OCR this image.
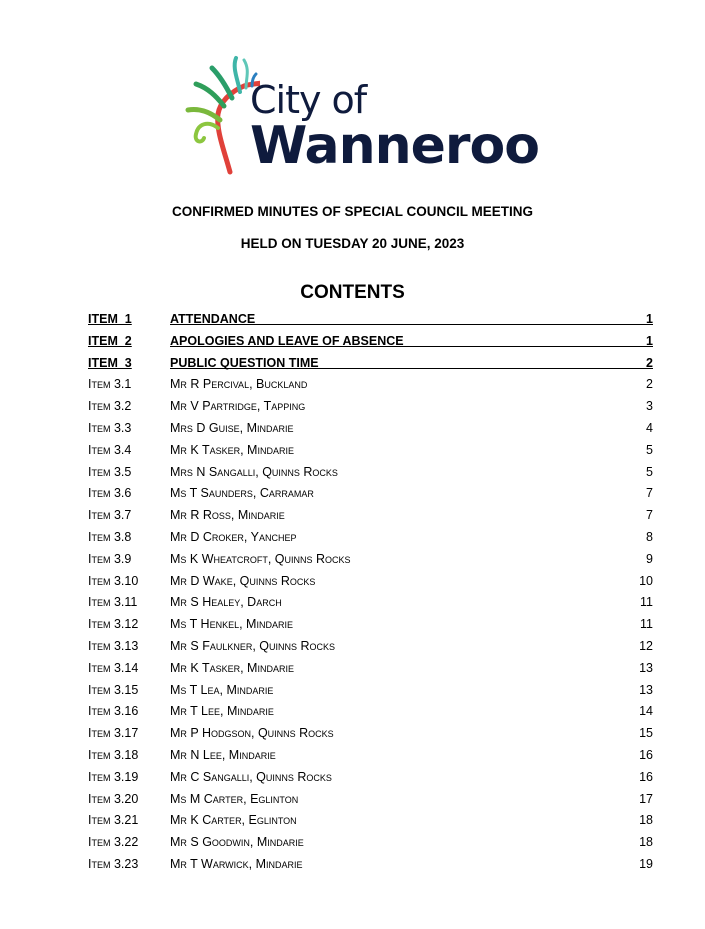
City of
Wanneroo
CONFIRMED MINUTES OF SPECIAL COUNCIL MEETING
HELD ON TUESDAY 20 JUNE, 2023
CONTENTS
ITEM  1	ATTENDANCE	1
ITEM  2	APOLOGIES AND LEAVE OF ABSENCE	1
ITEM  3	PUBLIC QUESTION TIME	2
Item 3.1	Mr R Percival, Buckland	2
Item 3.2	Mr V Partridge, Tapping	3
Item 3.3	Mrs D Guise, Mindarie	4
Item 3.4	Mr K Tasker, Mindarie	5
Item 3.5	Mrs N Sangalli, Quinns Rocks	5
Item 3.6	Ms T Saunders, Carramar	7
Item 3.7	Mr R Ross, Mindarie	7
Item 3.8	Mr D Croker, Yanchep	8
Item 3.9	Ms K Wheatcroft, Quinns Rocks	9
Item 3.10	Mr D Wake, Quinns Rocks	10
Item 3.11	Mr S Healey, Darch	11
Item 3.12	Ms T Henkel, Mindarie	11
Item 3.13	Mr S Faulkner, Quinns Rocks	12
Item 3.14	Mr K Tasker, Mindarie	13
Item 3.15	Ms T Lea, Mindarie	13
Item 3.16	Mr T Lee, Mindarie	14
Item 3.17	Mr P Hodgson, Quinns Rocks	15
Item 3.18	Mr N Lee, Mindarie	16
Item 3.19	Mr C Sangalli, Quinns Rocks	16
Item 3.20	Ms M Carter, Eglinton	17
Item 3.21	Mr K Carter, Eglinton	18
Item 3.22	Mr S Goodwin, Mindarie	18
Item 3.23	Mr T Warwick, Mindarie	19
